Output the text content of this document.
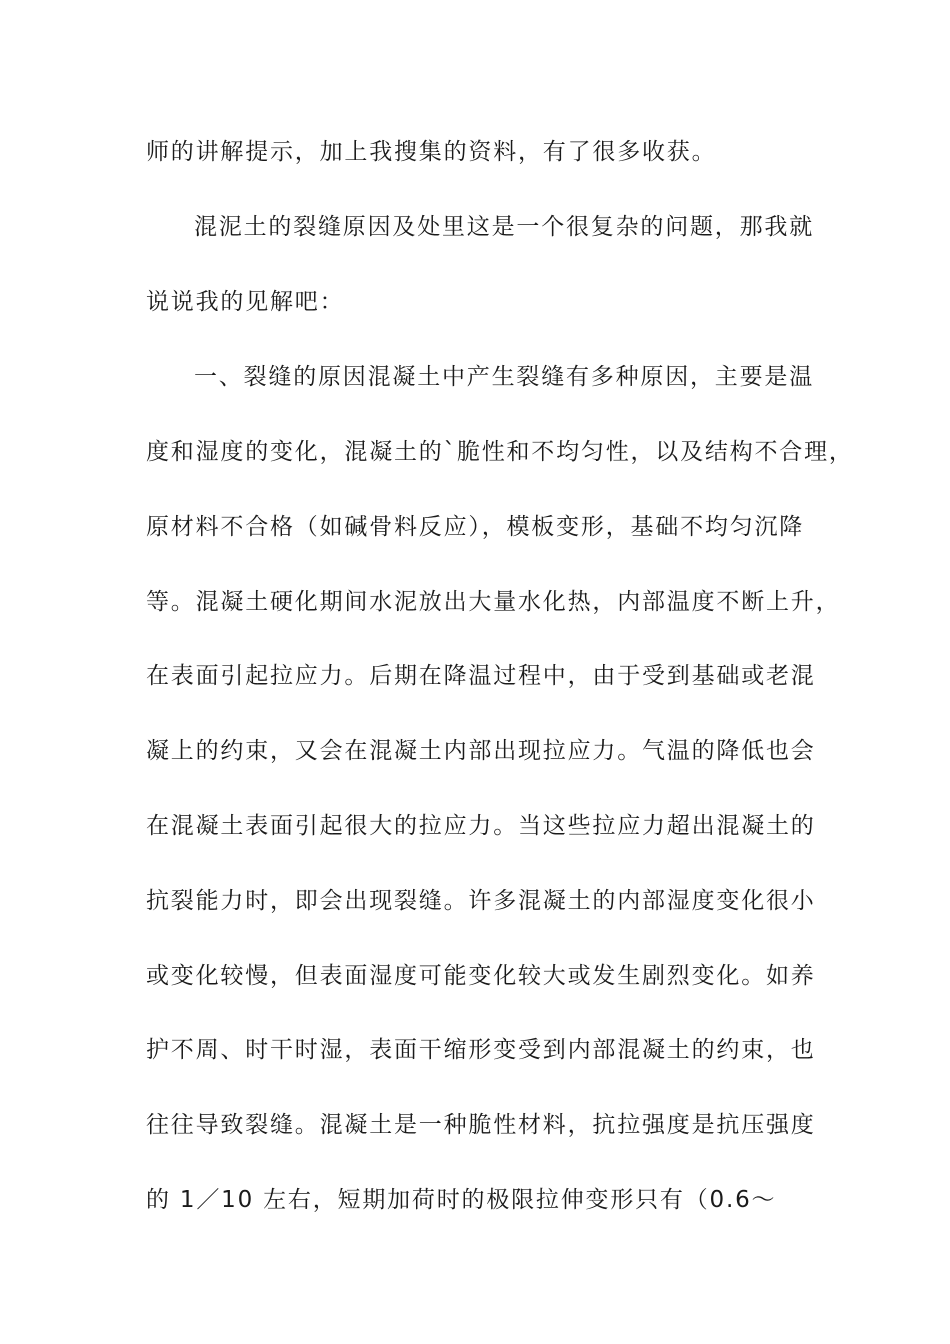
师的讲解提示，加上我搜集的资料，有了很多收获。
混泥土的裂缝原因及处里这是一个很复杂的问题，那我就
说说我的见解吧：
一、裂缝的原因混凝土中产生裂缝有多种原因，主要是温
度和湿度的变化，混凝土的`脆性和不均匀性，以及结构不合理，
原材料不合格（如碱骨料反应），模板变形，基础不均匀沉降
等。混凝土硬化期间水泥放出大量水化热，内部温度不断上升，
在表面引起拉应力。后期在降温过程中，由于受到基础或老混
凝上的约束，又会在混凝土内部出现拉应力。气温的降低也会
在混凝土表面引起很大的拉应力。当这些拉应力超出混凝土的
抗裂能力时，即会出现裂缝。许多混凝土的内部湿度变化很小
或变化较慢，但表面湿度可能变化较大或发生剧烈变化。如养
护不周、时干时湿，表面干缩形变受到内部混凝土的约束，也
往往导致裂缝。混凝土是一种脆性材料，抗拉强度是抗压强度
的 1／10 左右，短期加荷时的极限拉伸变形只有（0.6～
